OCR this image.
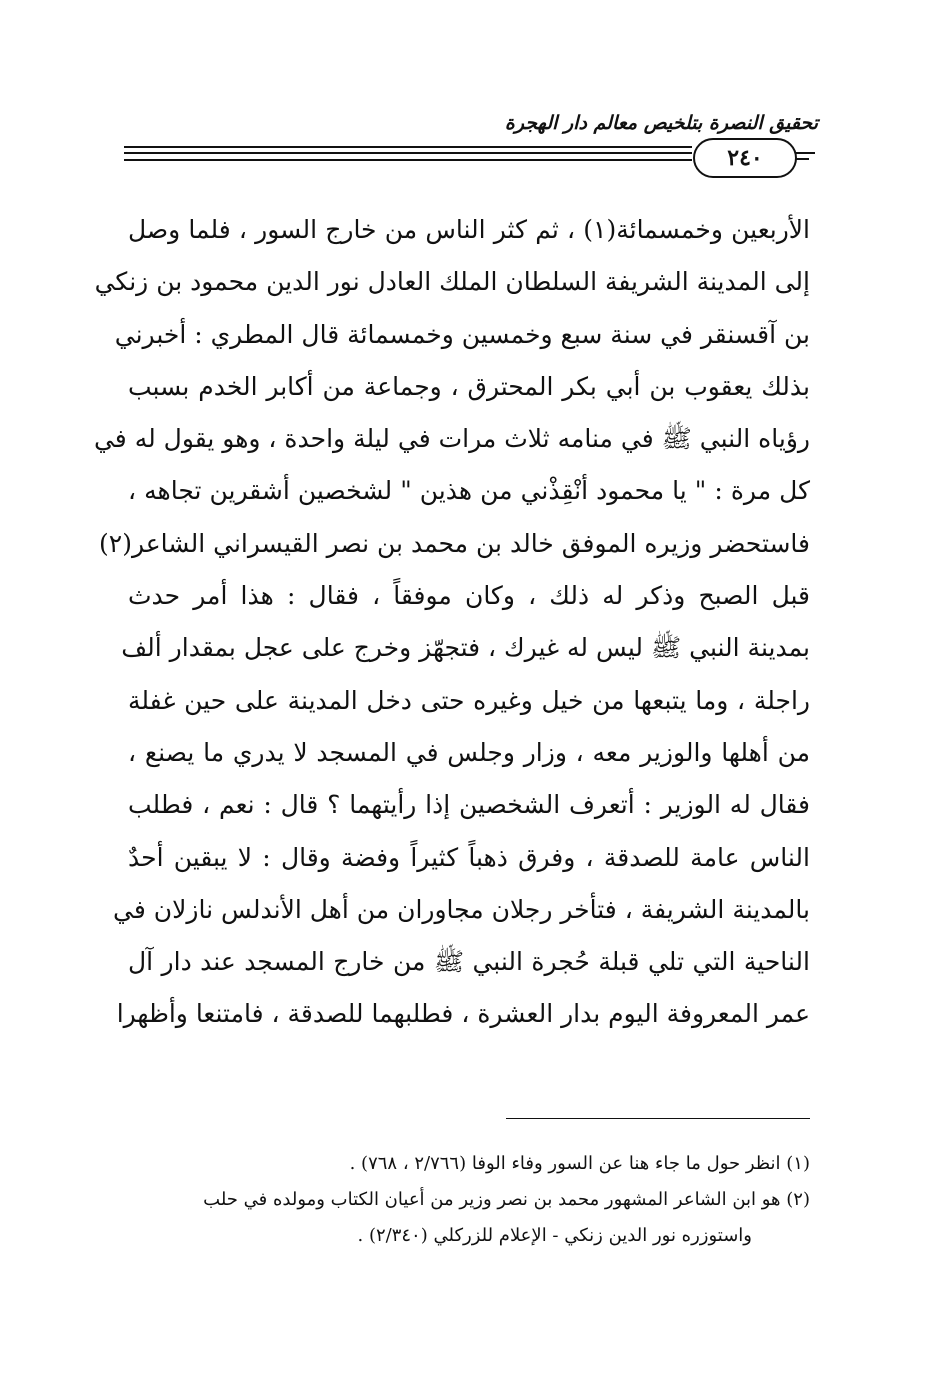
تحقيق النصرة بتلخيص معالم دار الهجرة
٢٤٠
الأربعين وخمسمائة(١) ، ثم كثر الناس من خارج السور ، فلما وصل
إلى المدينة الشريفة السلطان الملك العادل نور الدين محمود بن زنكي
بن آقسنقر في سنة سبع وخمسين وخمسمائة قال المطري : أخبرني
بذلك يعقوب بن أبي بكر المحترق ، وجماعة من أكابر الخدم بسبب
رؤياه النبي ﷺ في منامه ثلاث مرات في ليلة واحدة ، وهو يقول له في
كل مرة : " يا محمود أنْقِذْني من هذين " لشخصين أشقرين تجاهه ،
فاستحضر وزيره الموفق خالد بن محمد بن نصر القيسراني الشاعر(٢)
قبل الصبح وذكر له ذلك ، وكان موفقاً ، فقال : هذا أمر حدث
بمدينة النبي ﷺ ليس له غيرك ، فتجهّز وخرج على عجل بمقدار ألف
راجلة ، وما يتبعها من خيل وغيره حتى دخل المدينة على حين غفلة
من أهلها والوزير معه ، وزار وجلس في المسجد لا يدري ما يصنع ،
فقال له الوزير : أتعرف الشخصين إذا رأيتهما ؟ قال : نعم ، فطلب
الناس عامة للصدقة ، وفرق ذهباً كثيراً وفضة وقال : لا يبقين أحدٌ
بالمدينة الشريفة ، فتأخر رجلان مجاوران من أهل الأندلس نازلان في
الناحية التي تلي قبلة حُجرة النبي ﷺ من خارج المسجد عند دار آل
عمر المعروفة اليوم بدار العشرة ، فطلبهما للصدقة ، فامتنعا وأظهرا
(١) انظر حول ما جاء هنا عن السور وفاء الوفا (٢/٧٦٦ ، ٧٦٨) .
(٢) هو ابن الشاعر المشهور محمد بن نصر وزير من أعيان الكتاب ومولده في حلب
واستوزره نور الدين زنكي - الإعلام للزركلي (٢/٣٤٠) .
